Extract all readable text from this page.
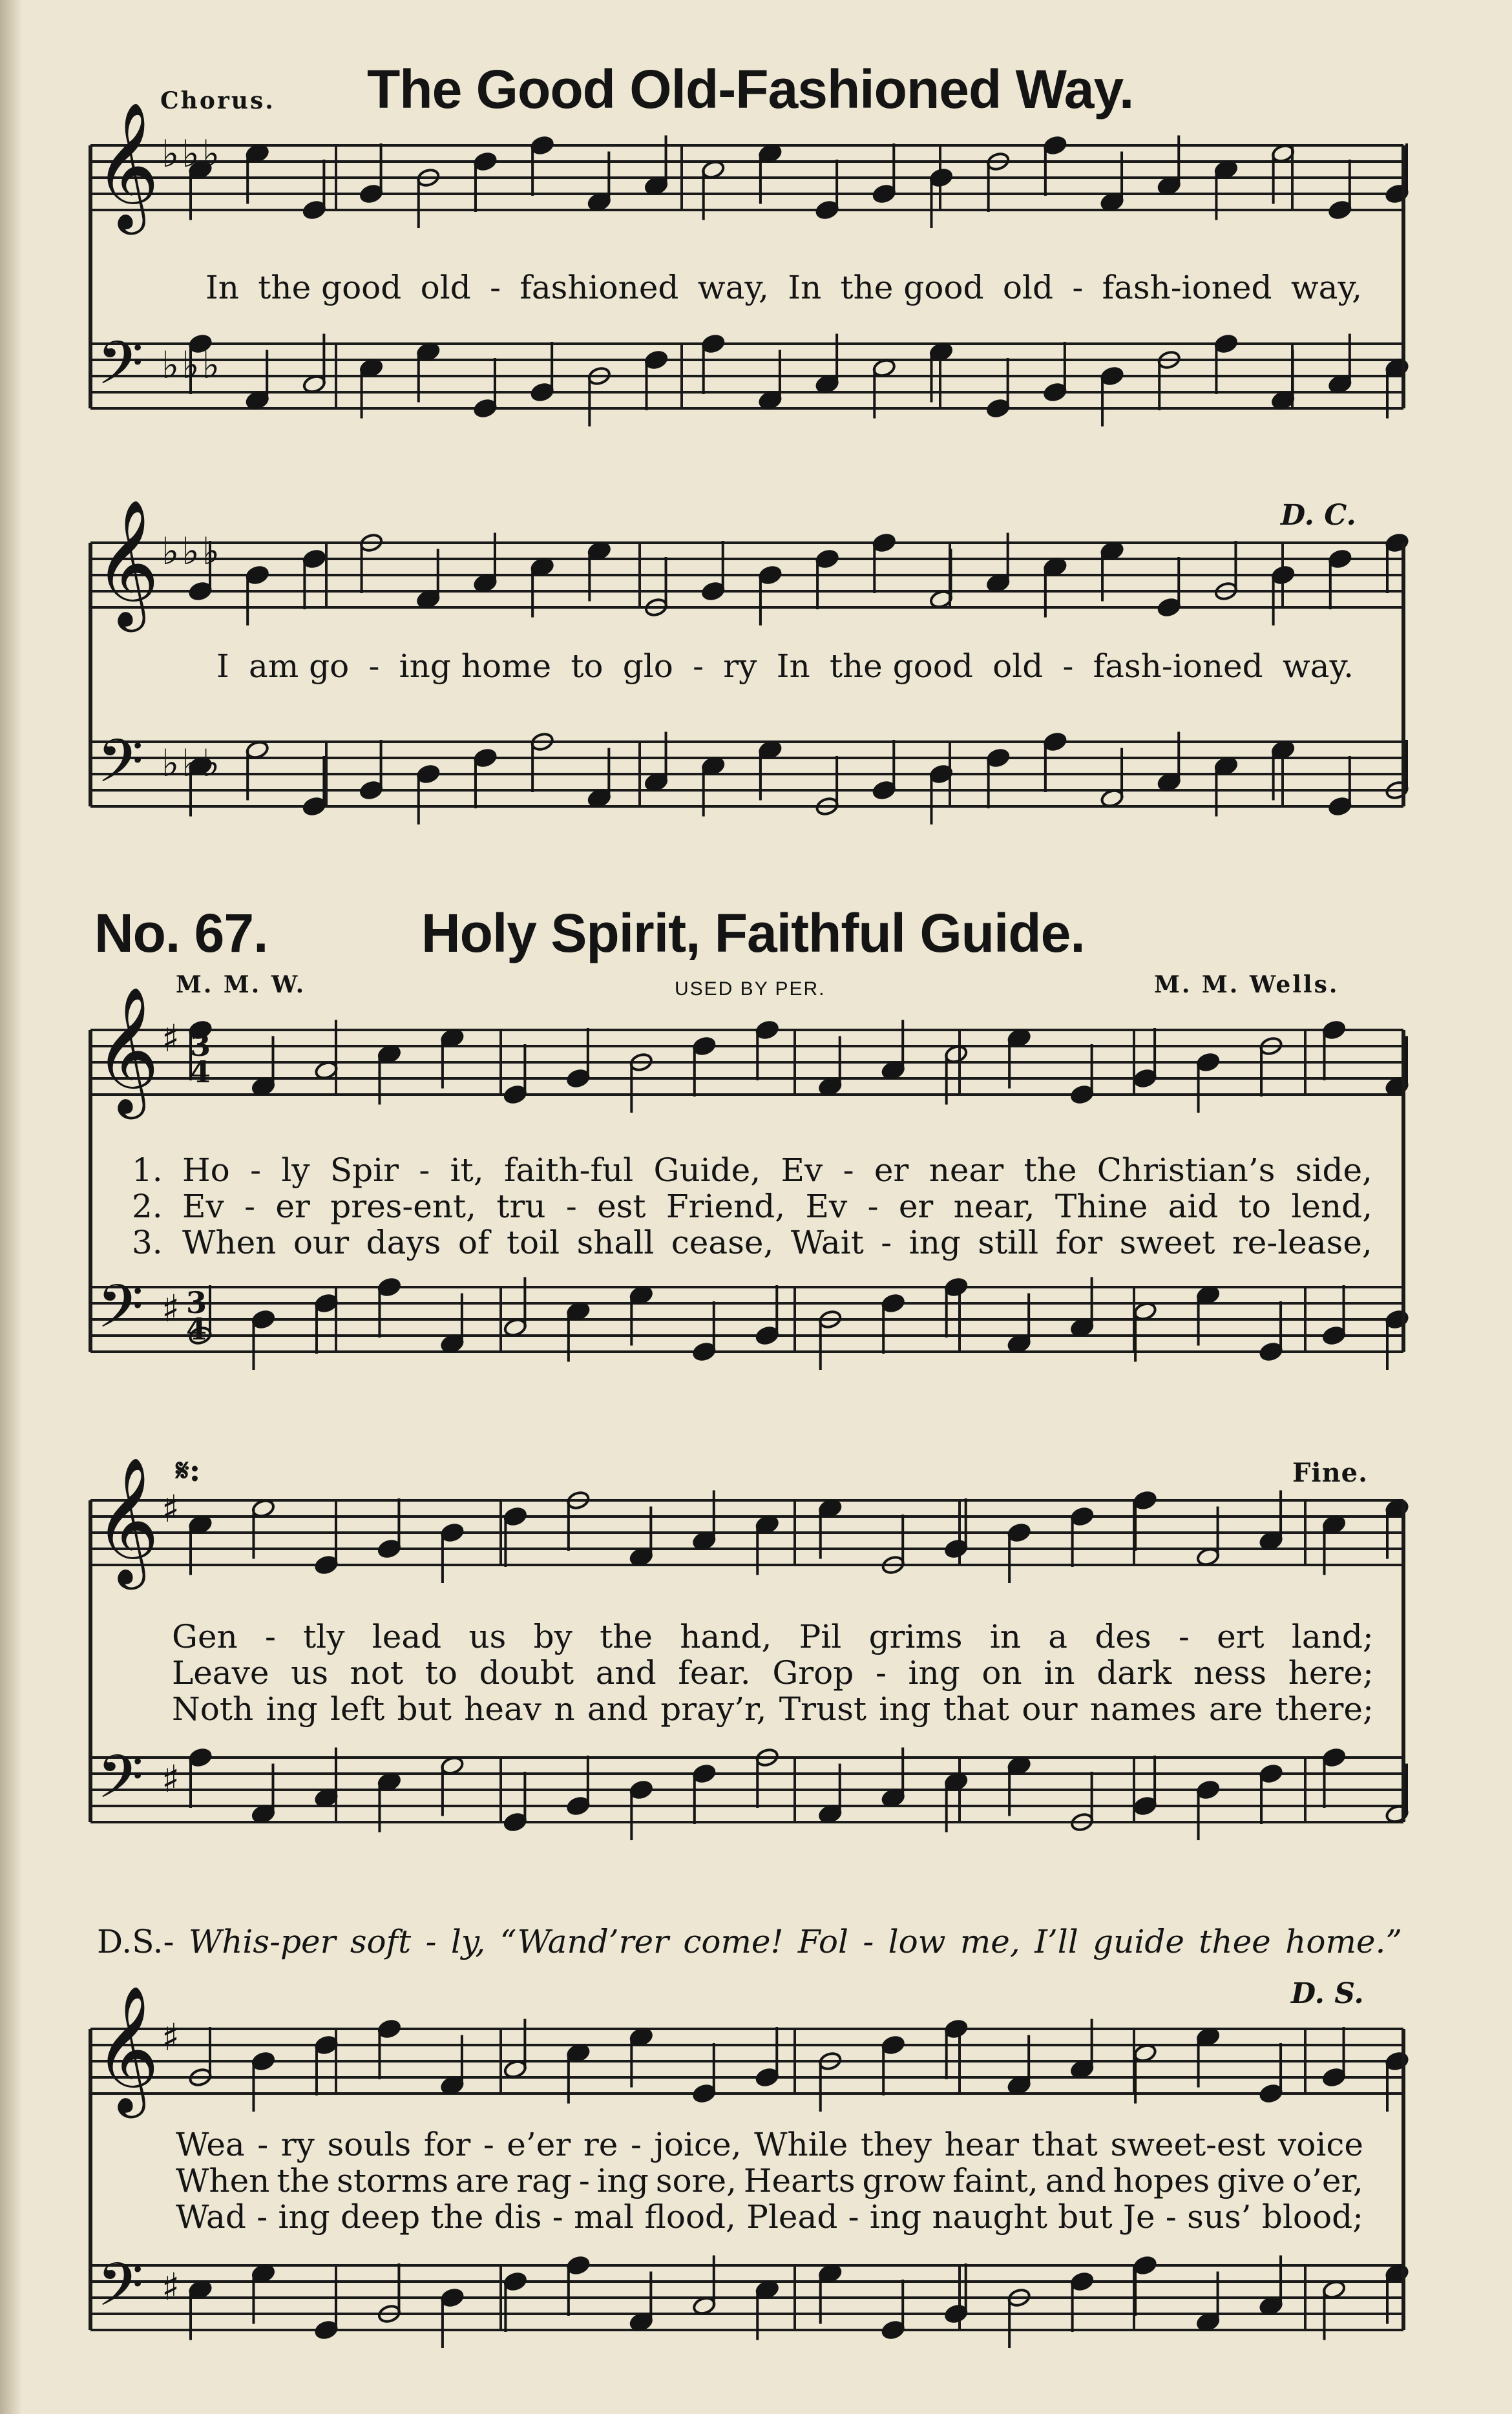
Chorus. The Good Old-Fashioned Way.
In the good old - fashioned way, In the good old - fash-ioned way,
I am go - ing home to glo - ry In the good old - fash-ioned way.
D. C.
No. 67.	Holy Spirit, Faithful Guide.
M. M. W.	USED BY PER.	M. M. Wells.
1. Ho - ly Spir - it, faith-ful Guide, Ev - er near the Christian’s side,
2. Ev - er pres-ent, tru - est Friend, Ev - er near, Thine aid to lend,
3. When our days of toil shall cease, Wait - ing still for sweet re-lease,
Gen - tly lead us by the hand, Pil grims in a des - ert land;
Leave us not to doubt and fear. Grop - ing on in dark ness here;
Noth ing left but heav n and pray’r, Trust ing that our names are there;
𝄋:	Fine.
D.S.- Whis-per soft - ly, “Wand’rer come! Fol - low me, I’ll guide thee home.”
D. S.
Wea - ry souls for - e’er re - joice, While they hear that sweet-est voice
When the storms are rag - ing sore, Hearts grow faint, and hopes give o’er,
Wad - ing deep the dis - mal flood, Plead - ing naught but Je - sus’ blood;
𝄞
𝄢
♭♭♭
♭♭♭
𝄞
𝄢
♭♭♭
♭♭♭
𝄞
𝄢
♯
♯
𝄞
𝄢
♯
♯
𝄞
𝄢
♯
♯
3
4
3
4
